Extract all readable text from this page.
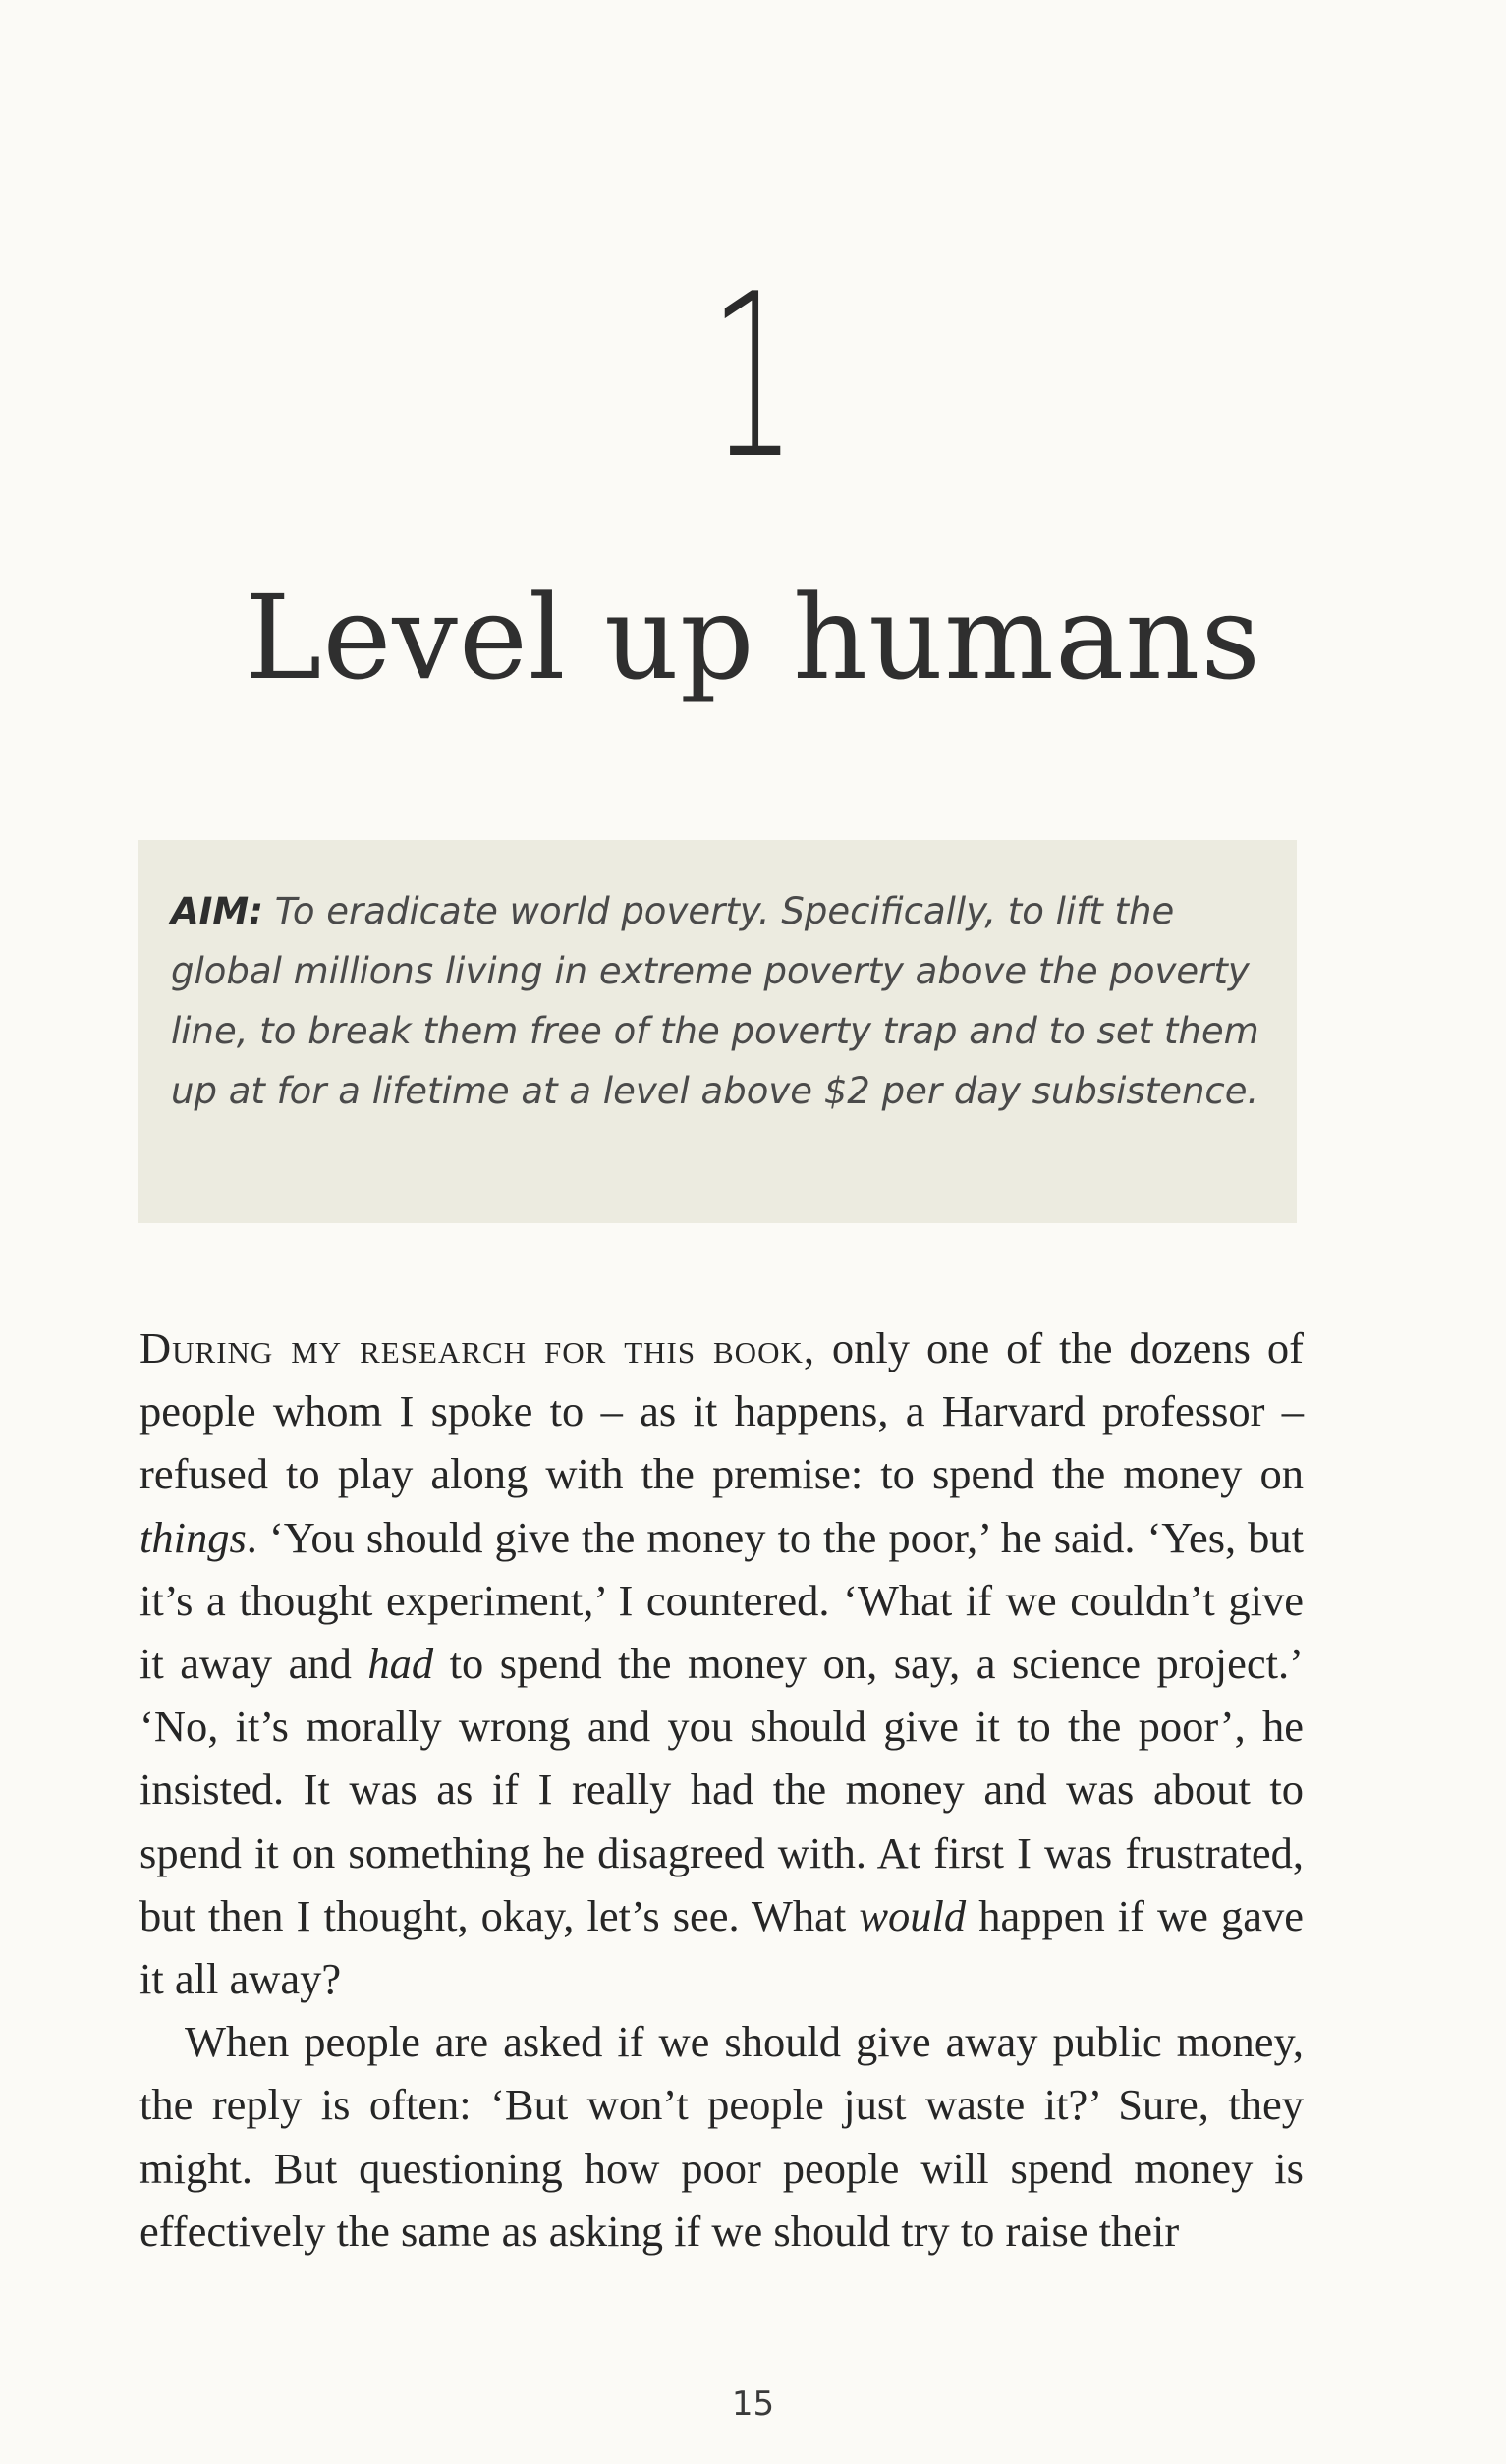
1
Level up humans
AIM: To eradicate world poverty. Specifically, to lift the global millions living in extreme poverty above the poverty line, to break them free of the poverty trap and to set them up at for a lifetime at a level above $2 per day subsistence.

During my research for this book, only one of the dozens of people whom I spoke to – as it happens, a Harvard professor – refused to play along with the premise: to spend the money on things. ‘You should give the money to the poor,’ he said. ‘Yes, but it’s a thought experiment,’ I countered. ‘What if we couldn’t give it away and had to spend the money on, say, a science project.’ ‘No, it’s morally wrong and you should give it to the poor’, he insisted. It was as if I really had the money and was about to spend it on something he disagreed with. At first I was frustrated, but then I thought, okay, let’s see. What would happen if we gave it all away?

When people are asked if we should give away public money, the reply is often: ‘But won’t people just waste it?’ Sure, they might. But questioning how poor people will spend money is effectively the same as asking if we should try to raise their

15
